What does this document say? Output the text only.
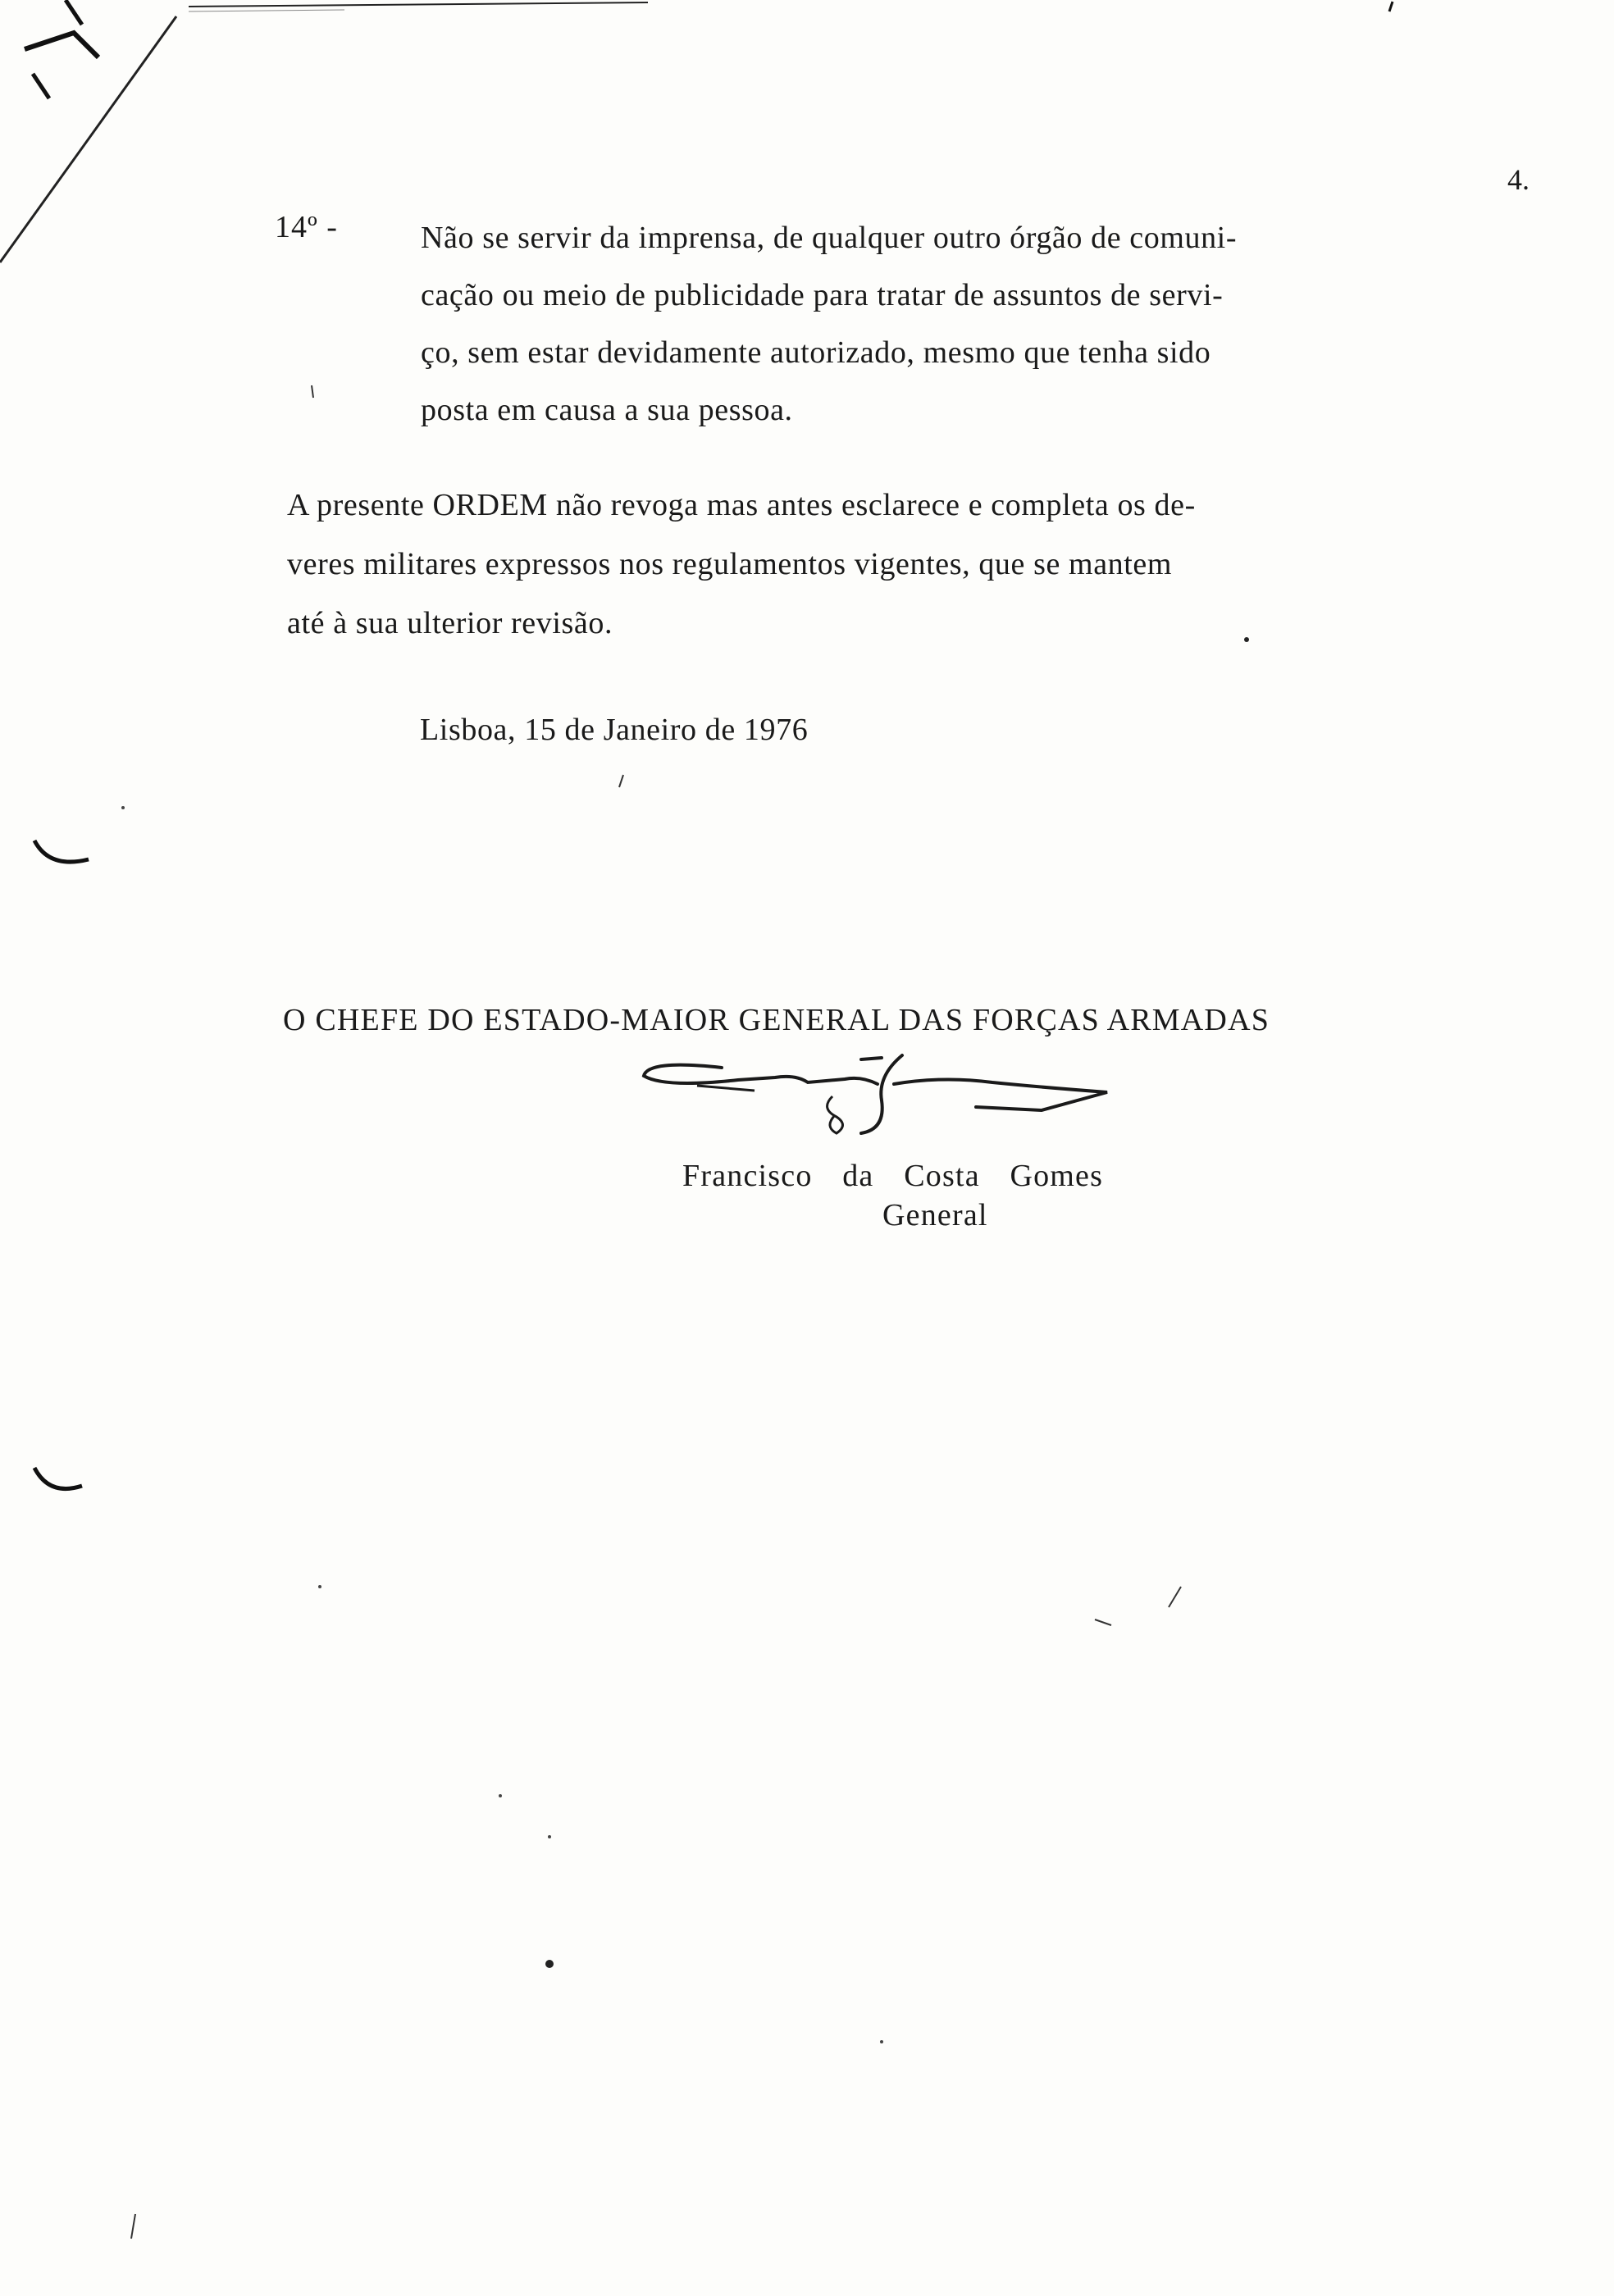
4.
14º -	Não se servir da imprensa, de qualquer outro órgão de comuni-
cação ou meio de publicidade para tratar de assuntos de servi-
ço, sem estar devidamente autorizado, mesmo que tenha sido
posta em causa a sua pessoa.
A presente ORDEM não revoga mas antes esclarece e completa os de-
veres militares expressos nos regulamentos vigentes, que se mantem
até à sua ulterior revisão.
Lisboa, 15 de Janeiro de 1976
O CHEFE DO ESTADO-MAIOR GENERAL DAS FORÇAS ARMADAS
Francisco da Costa Gomes
General
